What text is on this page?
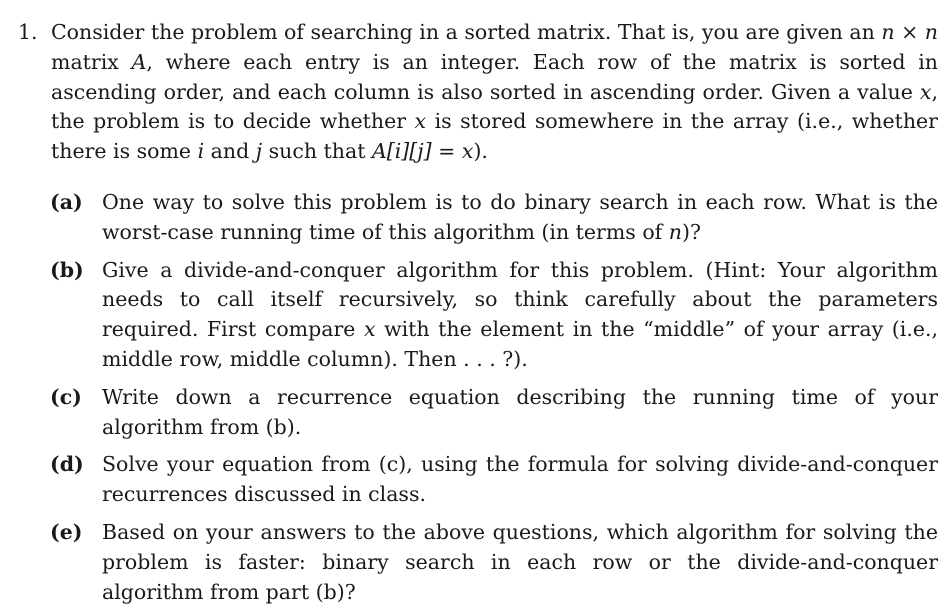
1. Consider the problem of searching in a sorted matrix. That is, you are given an n × n matrix A, where each entry is an integer. Each row of the matrix is sorted in ascending order, and each column is also sorted in ascending order. Given a value x, the problem is to decide whether x is stored somewhere in the array (i.e., whether there is some i and j such that A[i][j] = x).
(a) One way to solve this problem is to do binary search in each row. What is the worst-case running time of this algorithm (in terms of n)?
(b) Give a divide-and-conquer algorithm for this problem. (Hint: Your algorithm needs to call itself recursively, so think carefully about the parameters required. First compare x with the element in the “middle” of your array (i.e., middle row, middle column). Then . . . ?).
(c) Write down a recurrence equation describing the running time of your algorithm from (b).
(d) Solve your equation from (c), using the formula for solving divide-and-conquer recurrences discussed in class.
(e) Based on your answers to the above questions, which algorithm for solving the problem is faster: binary search in each row or the divide-and-conquer algorithm from part (b)?
